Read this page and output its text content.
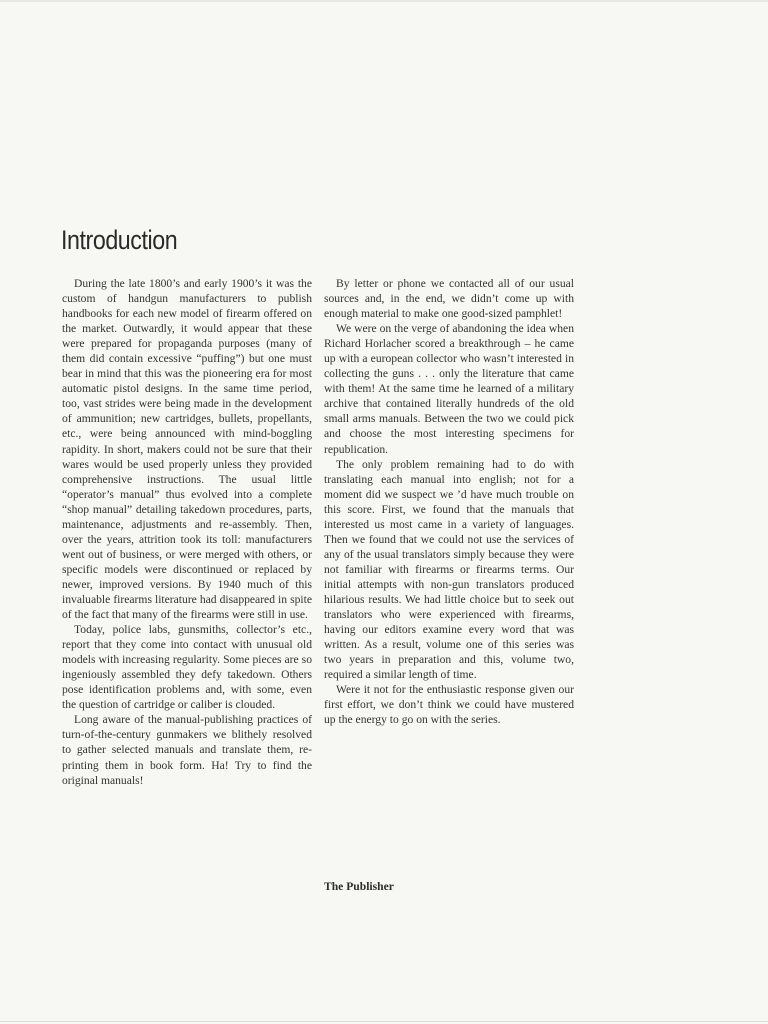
Introduction

During the late 1800’s and early 1900’s it was the custom of handgun manufacturers to publish handbooks for each new model of firearm offered on the market. Outwardly, it would appear that these were prepared for propaganda purposes (many of them did contain excessive “puffing”) but one must bear in mind that this was the pioneering era for most automatic pistol designs. In the same time period, too, vast strides were being made in the development of ammunition; new cartridges, bullets, propellants, etc., were being announced with mind-boggling rapidity. In short, makers could not be sure that their wares would be used properly unless they provided comprehensive instructions. The usual little “operator’s manual” thus evolved into a complete “shop manual” detailing takedown procedures, parts, maintenance, adjustments and re-assembly. Then, over the years, attrition took its toll: manufacturers went out of business, or were merged with others, or specific models were discontinued or replaced by newer, improved versions. By 1940 much of this invaluable firearms literature had disappeared in spite of the fact that many of the firearms were still in use.

Today, police labs, gunsmiths, collector’s etc., report that they come into contact with unusual old models with increasing regularity. Some pieces are so ingeniously assembled they defy takedown. Others pose identification problems and, with some, even the question of cartridge or caliber is clouded.

Long aware of the manual-publishing practices of turn-of-the-century gunmakers we blithely resolved to gather selected manuals and translate them, re-printing them in book form. Ha! Try to find the original manuals!

By letter or phone we contacted all of our usual sources and, in the end, we didn’t come up with enough material to make one good-sized pamphlet!

We were on the verge of abandoning the idea when Richard Horlacher scored a breakthrough – he came up with a european collector who wasn’t interested in collecting the guns . . . only the literature that came with them! At the same time he learned of a military archive that contained literally hundreds of the old small arms manuals. Between the two we could pick and choose the most interesting specimens for republication.

The only problem remaining had to do with translating each manual into english; not for a moment did we suspect we ’d have much trouble on this score. First, we found that the manuals that interested us most came in a variety of languages. Then we found that we could not use the services of any of the usual translators simply because they were not familiar with firearms or firearms terms. Our initial attempts with non-gun translators produced hilarious results. We had little choice but to seek out translators who were experienced with firearms, having our editors examine every word that was written. As a result, volume one of this series was two years in preparation and this, volume two, required a similar length of time.

Were it not for the enthusiastic response given our first effort, we don’t think we could have mustered up the energy to go on with the series.

The Publisher
